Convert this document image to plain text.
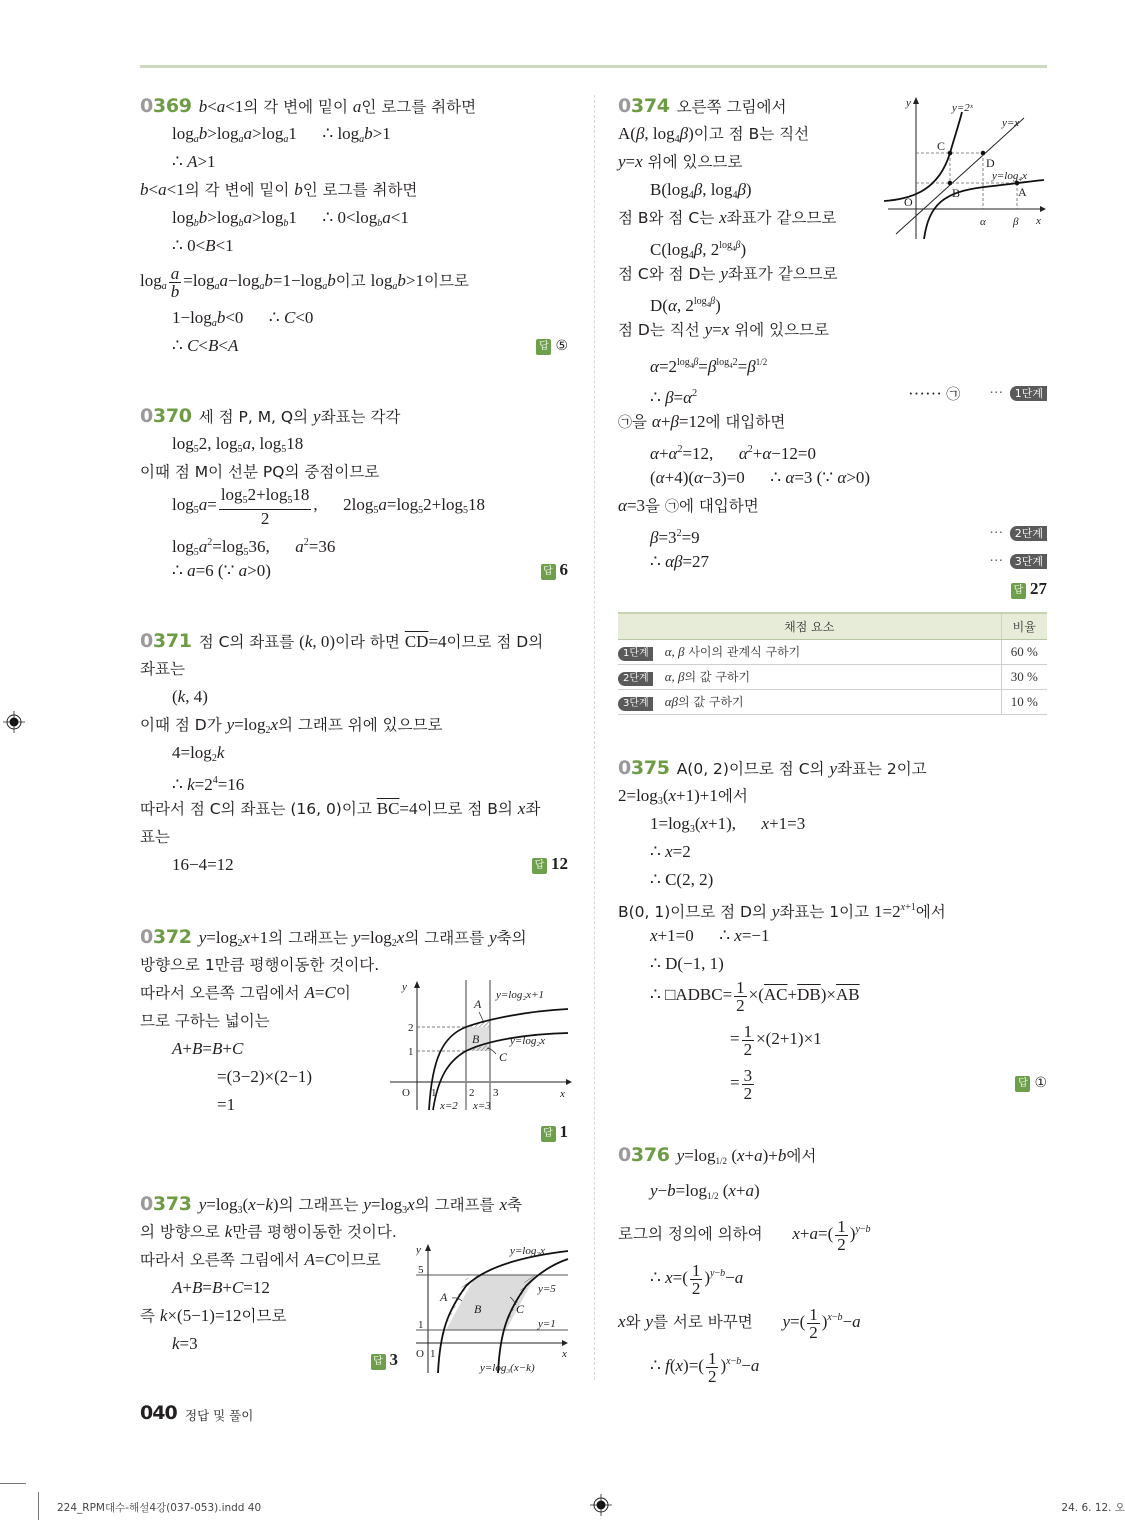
0369 b<a<1의 각 변에 밑이 a인 로그를 취하면
$\log_ab>\log_aa>\log_a1$      ∴ $\log_ab>1$
∴ A>1
b<a<1의 각 변에 밑이 b인 로그를 취하면
$\log_bb>\log_ba>\log_b1$      ∴ $0<\log_ba<1$
∴ 0<B<1
$\log_a \frac{a}{b} =\log_aa-\log_ab=1-\log_ab$이고 $\log_ab>1$이므로
$1-\log_ab<0$      ∴ C<0
∴ C<B<A	답 ⑤
0370 세 점 P, M, Q의 y좌표는 각각
$\log_52$, $\log_5a$, $\log_518$
이때 점 M이 선분 PQ의 중점이므로
$\log_5a= \frac{\log_52+\log_518}{2}$ ,      $2\log_5a=\log_52+\log_518$
$\log_5a^2=\log_536$,      $a^2=36$
∴ a=6 (∵ a>0)	답 6
0371 점 C의 좌표를 (k, 0)이라 하면 $\overline{CD}=4$이므로 점 D의
좌표는
(k, 4)
이때 점 D가 $y=\log_2x$의 그래프 위에 있으므로
$4=\log_2k$
∴ $k=2^4=16$
따라서 점 C의 좌표는 (16, 0)이고 $\overline{BC}=4$이므로 점 B의 x좌
표는
16−4=12	답 12
0372 $y=\log_2x+1$의 그래프는 $y=\log_2x$의 그래프를 y축의
방향으로 1만큼 평행이동한 것이다.
따라서 오른쪽 그림에서 A=C이
므로 구하는 넓이는
A+B=B+C
=(3−2)×(2−1)
=1
y
x
O 1	2 3
1
2
A
B
C
x=2 x=3
y=log₂x+1
y=log₂x
답 1
0373 $y=\log_3(x-k)$의 그래프는 $y=\log_3x$의 그래프를 x축
의 방향으로 k만큼 평행이동한 것이다.
따라서 오른쪽 그림에서 A=C이므로
A+B=B+C=12
즉 k×(5−1)=12이므로
k=3
y
x
O 1
1
5
A
B	C
y=5
y=1
y=log₃x
y=log₃(x−k)
답 3
0374 오른쪽 그림에서
A(β, $\log_4\beta$)이고 점 B는 직선
y=x 위에 있으므로
$B(\log_4\beta$, $\log_4\beta$)
점 B와 점 C는 x좌표가 같으므로
$C(\log_4\beta$, $2^{log_4\beta}$)
점 C와 점 D는 y좌표가 같으므로
D(α, $2^{log_4\beta}$)
점 D는 직선 y=x 위에 있으므로
$\alpha=2^{log_4\beta}=\beta^{log_42}=\beta^{1/2}$
∴ $\beta=\alpha^2$	······ ㉠ ··· 1단계
㉠을 α+β=12에 대입하면
$\alpha+\alpha^2=12$,      $\alpha^2+\alpha-12=0$
(α+4)(α−3)=0      ∴ α=3 (∵ α>0)
α=3을 ㉠에 대입하면
$\beta=3^2=9$	··· 2단계
∴ αβ=27	··· 3단계
답 27
y
x
O
A
B
C
D
α β
y=2ˣ
y=x
y=log₄x
채점 요소	비율
1단계 α, β 사이의 관계식 구하기	60 %
2단계 α, β의 값 구하기	30 %
3단계 αβ의 값 구하기	10 %
0375 A(0, 2)이므로 점 C의 y좌표는 2이고
$2=\log_3(x+1)+1$에서
$1=\log_3(x+1)$,      x+1=3
∴ x=2
∴ C(2, 2)
B(0, 1)이므로 점 D의 y좌표는 1이고 $1=2^{x+1}$에서
x+1=0      ∴ x=−1
∴ D(−1, 1)
∴ □ADBC= $\frac{1}{2} \times(\overline{AC}+\overline{DB})\times\overline{AB}$
= $\frac{1}{2} \times(2+1)\times 1$
= $\frac{3}{2}$	답 ①
0376 $y=\log_{1/2}$ (x+a)+b에서
$y-b=\log_{1/2}$ (x+a)
로그의 정의에 의하여 $x+a=( \frac{1}{2} )^{y-b}$
∴ $x=( \frac{1}{2} )^{y-b}-a$
x와 y를 서로 바꾸면 $y=( \frac{1}{2} )^{x-b}-a$
∴ $f(x)=( \frac{1}{2} )^{x-b}-a$
040 정답 및 풀이
224_RPM대수-해설4강(037-053).indd 40	24. 6. 12. 오
